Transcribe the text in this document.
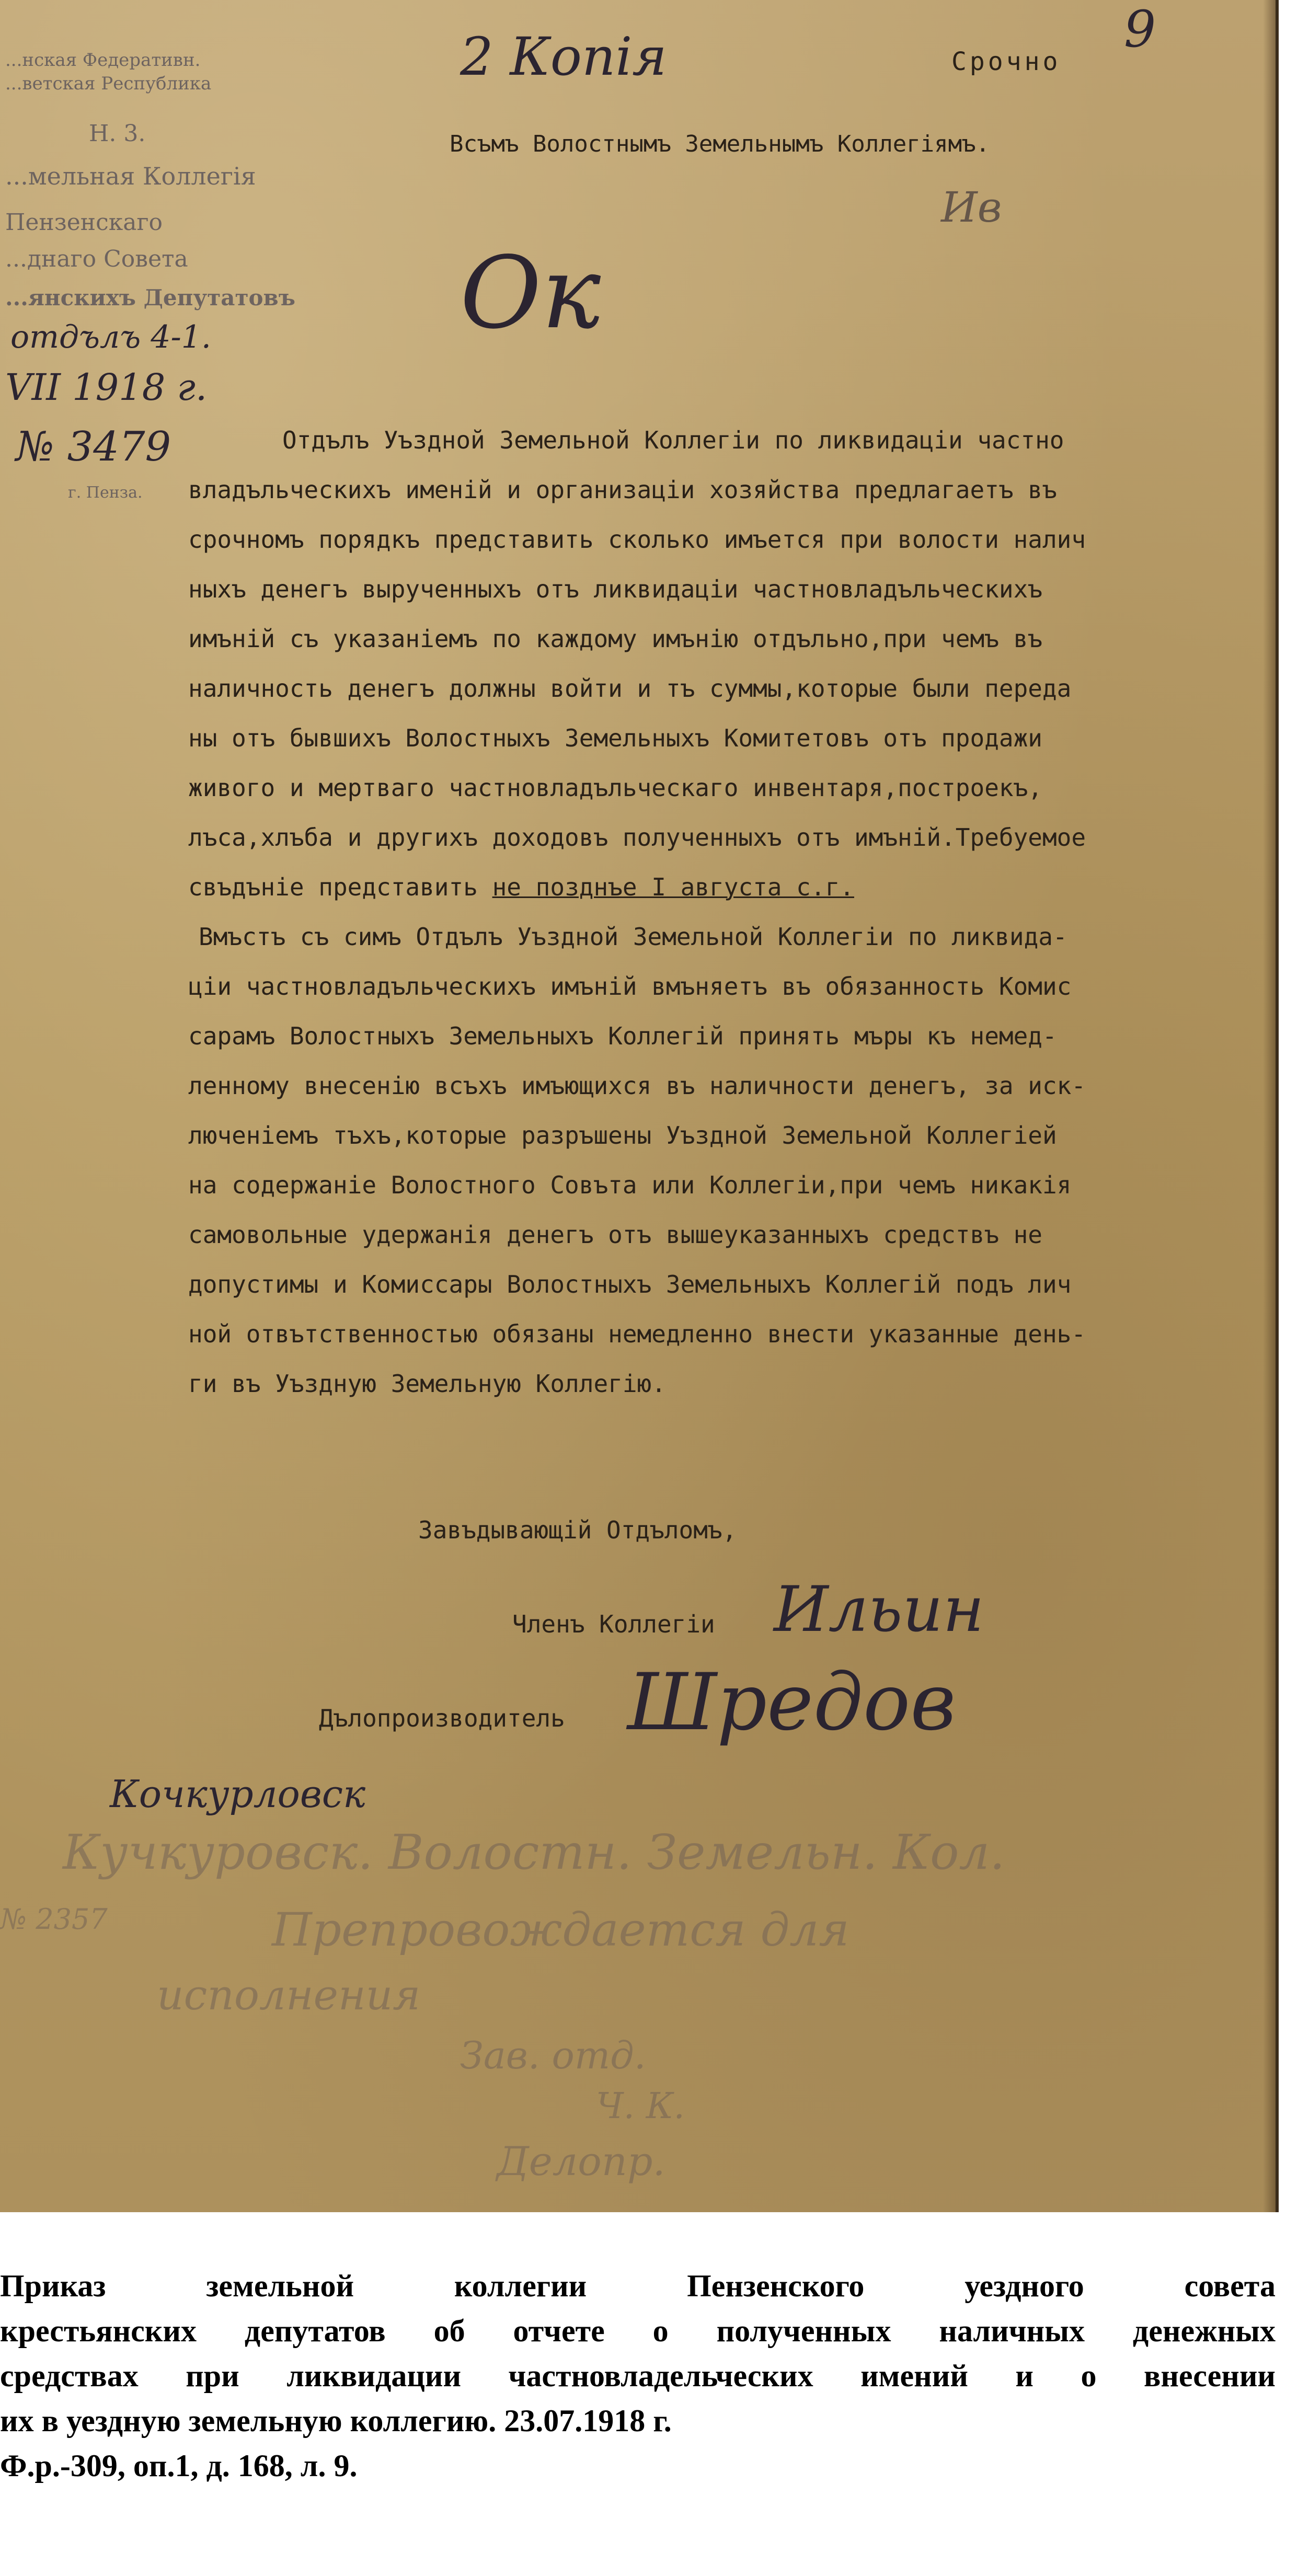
...нская Федеративн.
...ветская Республика
Н. 3.
...мельная Коллегія
Пензенскаго
...днаго Совета
...янскихъ Депутатовъ
отдълъ 4-1.
VII 1918 г.
№ 3479
г. Пенза.
2 Копія	Срочно
9
Всъмъ Волостнымъ Земельнымъ Коллегіямъ.
Ив
Ок
Отдълъ Уъздной Земельной Коллегіи по ликвидаціи частно
владъльческихъ именій и организаціи хозяйства предлагаетъ въ
срочномъ порядкъ представить сколько имъется при волости налич
ныхъ денегъ вырученныхъ отъ ликвидаціи частновладъльческихъ
имъній съ указаніемъ по каждому имънію отдъльно,при чемъ въ
наличность денегъ должны войти и тъ суммы,которые были переда
ны отъ бывшихъ Волостныхъ Земельныхъ Комитетовъ отъ продажи
живого и мертваго частновладъльческаго инвентаря,построекъ,
лъса,хлъба и другихъ доходовъ полученныхъ отъ имъній.Требуемое
свъдъніе представить не позднъе I августа с.г.
Вмъстъ съ симъ Отдълъ Уъздной Земельной Коллегіи по ликвида-
ціи частновладъльческихъ имъній вмъняетъ въ обязанность Комис
сарамъ Волостныхъ Земельныхъ Коллегій принять мъры къ немед-
ленному внесенію всъхъ имъющихся въ наличности денегъ, за иск-
люченіемъ тъхъ,которые разръшены Уъздной Земельной Коллегіей
на содержаніе Волостного Совъта или Коллегіи,при чемъ никакія
самовольные удержанія денегъ отъ вышеуказанныхъ средствъ не
допустимы и Комиссары Волостныхъ Земельныхъ Коллегій подъ лич
ной отвътственностью обязаны немедленно внести указанные день-
ги въ Уъздную Земельную Коллегію.
Завъдывающій Отдъломъ,
Членъ Коллегіи Ильин
Дълопроизводитель Шредов
Кочкурловск
Кучкуровск. Волостн. Земельн. Кол.
№ 2357	Препровождается для
исполнения
Зав. отд.
Ч. К.
Делопр.

Приказ земельной коллегии Пензенского уездного совета

крестьянских депутатов об отчете о полученных наличных денежных

средствах при ликвидации частновладельческих имений и о внесении

их в уездную земельную коллегию. 23.07.1918 г.

Ф.р.-309, оп.1, д. 168, л. 9.
